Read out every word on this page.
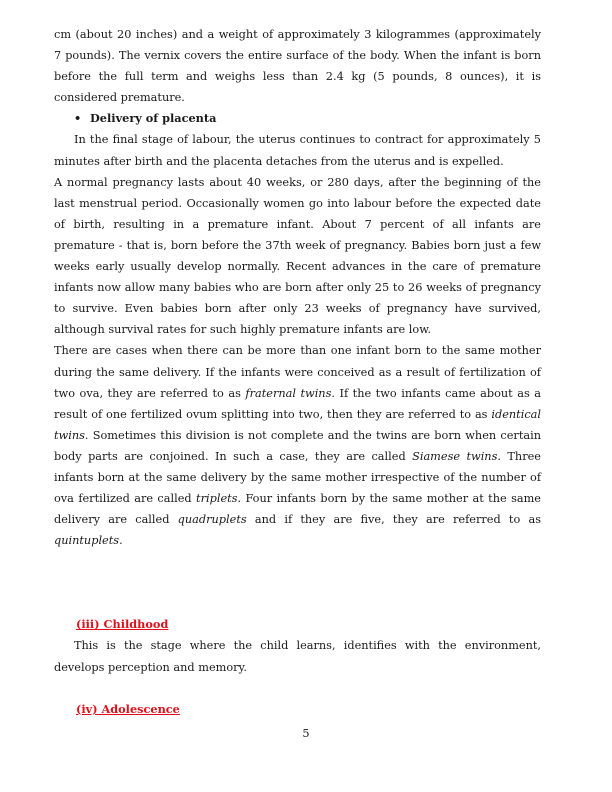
cm (about 20 inches) and a weight of approximately 3 kilogrammes (approximately 7 pounds). The vernix covers the entire surface of the body. When the infant is born before the full term and weighs less than 2.4 kg (5 pounds, 8 ounces), it is considered premature.

• Delivery of placenta

In the final stage of labour, the uterus continues to contract for approximately 5 minutes after birth and the placenta detaches from the uterus and is expelled.

A normal pregnancy lasts about 40 weeks, or 280 days, after the beginning of the last menstrual period. Occasionally women go into labour before the expected date of birth, resulting in a premature infant. About 7 percent of all infants are premature - that is, born before the 37th week of pregnancy. Babies born just a few weeks early usually develop normally. Recent advances in the care of premature infants now allow many babies who are born after only 25 to 26 weeks of pregnancy to survive. Even babies born after only 23 weeks of pregnancy have survived, although survival rates for such highly premature infants are low.

There are cases when there can be more than one infant born to the same mother during the same delivery. If the infants were conceived as a result of fertilization of two ova, they are referred to as fraternal twins. If the two infants came about as a result of one fertilized ovum splitting into two, then they are referred to as identical twins. Sometimes this division is not complete and the twins are born when certain body parts are conjoined. In such a case, they are called Siamese twins. Three infants born at the same delivery by the same mother irrespective of the number of ova fertilized are called triplets. Four infants born by the same mother at the same delivery are called quadruplets and if they are five, they are referred to as quintuplets.

(iii) Childhood

This is the stage where the child learns, identifies with the environment, develops perception and memory.

(iv) Adolescence
5
